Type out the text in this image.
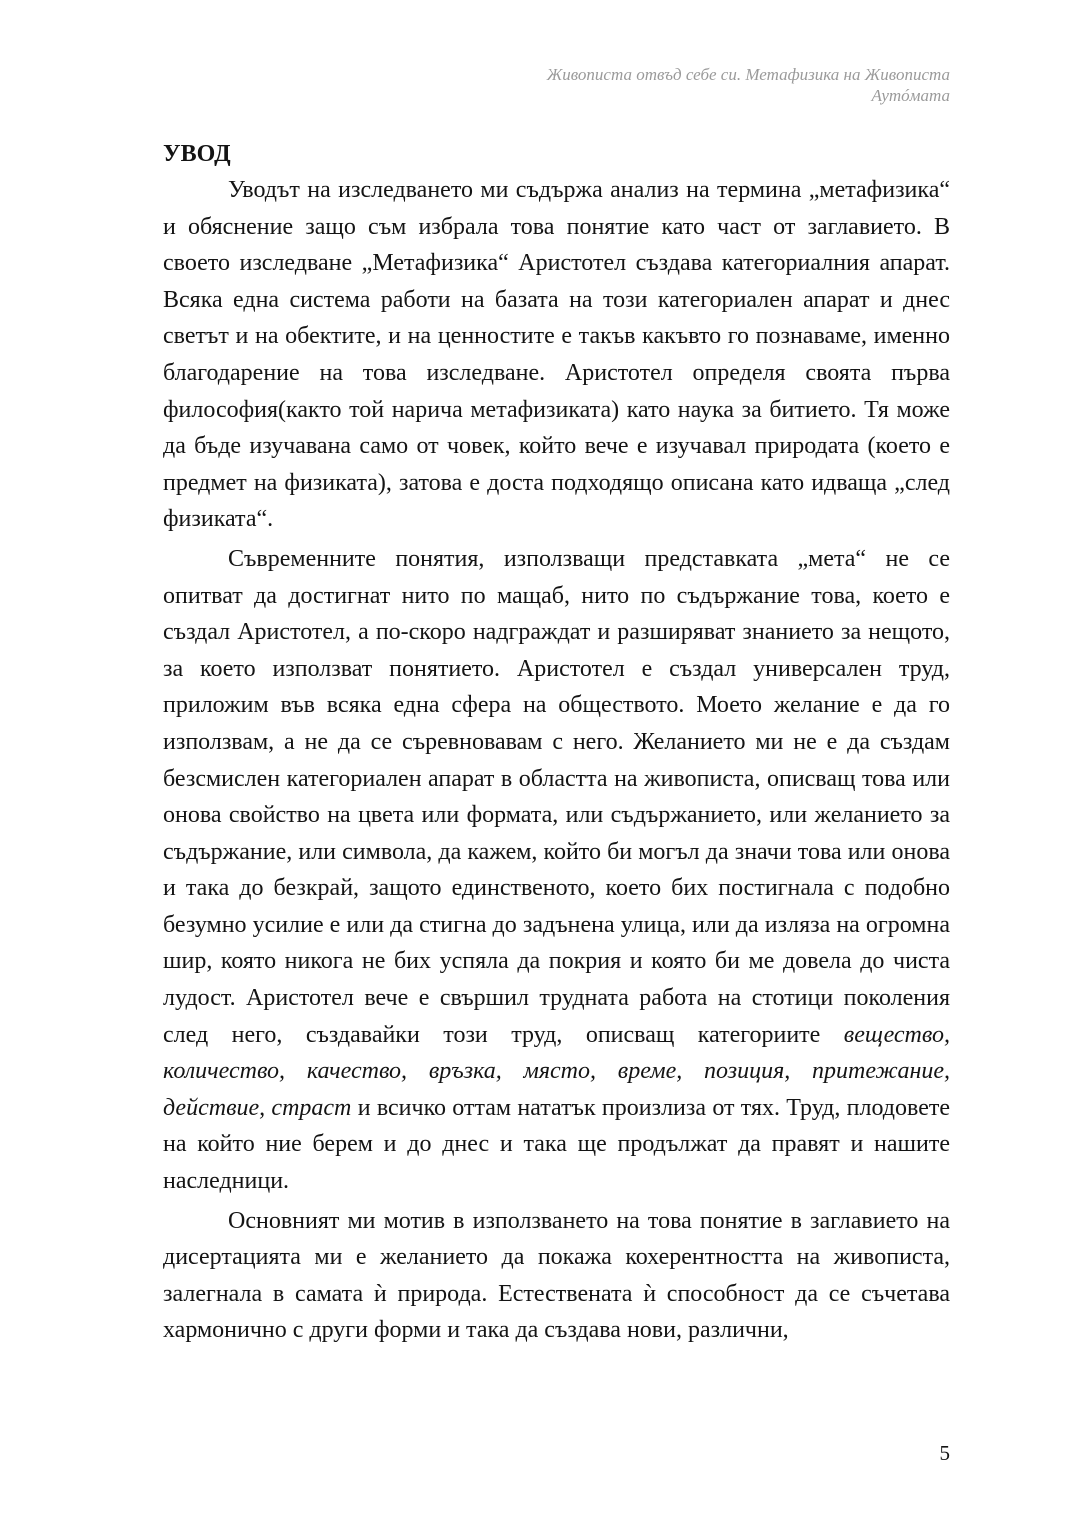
Живописта отвъд себе си. Метафизика на Живописта
Аутóмата
УВОД

Уводът на изследването ми съдържа анализ на термина „метафизика“ и обяснение защо съм избрала това понятие като част от заглавието. В своето изследване „Метафизика“ Аристотел създава категориалния апарат. Всяка една система работи на базата на този категориален апарат и днес светът и на обектите, и на ценностите е такъв какъвто го познаваме, именно благодарение на това изследване. Аристотел определя своята първа философия(както той нарича метафизиката) като наука за битието. Тя може да бъде изучавана само от човек, който вече е изучавал природата (което е предмет на физиката), затова е доста подходящо описана като идваща „след физиката“.

Съвременните понятия, използващи представката „мета“ не се опитват да достигнат нито по мащаб, нито по съдържание това, което е създал Аристотел, а по-скоро надграждат и разширяват знанието за нещото, за което използват понятието. Аристотел е създал универсален труд, приложим във всяка една сфера на обществото. Моето желание е да го използвам, а не да се съревновавам с него. Желанието ми не е да създам безсмислен категориален апарат в областта на живописта, описващ това или онова свойство на цвета или формата, или съдържанието, или желанието за съдържание, или символа, да кажем, който би могъл да значи това или онова и така до безкрай, защото единственото, което бих постигнала с подобно безумно усилие е или да стигна до задънена улица, или да изляза на огромна шир, която никога не бих успяла да покрия и която би ме довела до чиста лудост. Аристотел вече е свършил трудната работа на стотици поколения след него, създавайки този труд, описващ категориите вещество, количество, качество, връзка, място, време, позиция, притежание, действие, страст и всичко оттам нататък произлиза от тях. Труд, плодовете на който ние берем и до днес и така ще продължат да правят и нашите наследници.

Основният ми мотив в използването на това понятие в заглавието на дисертацията ми е желанието да покажа кохерентността на живописта, залегнала в самата ѝ природа. Естествената ѝ способност да се съчетава хармонично с други форми и така да създава нови, различни,

5
